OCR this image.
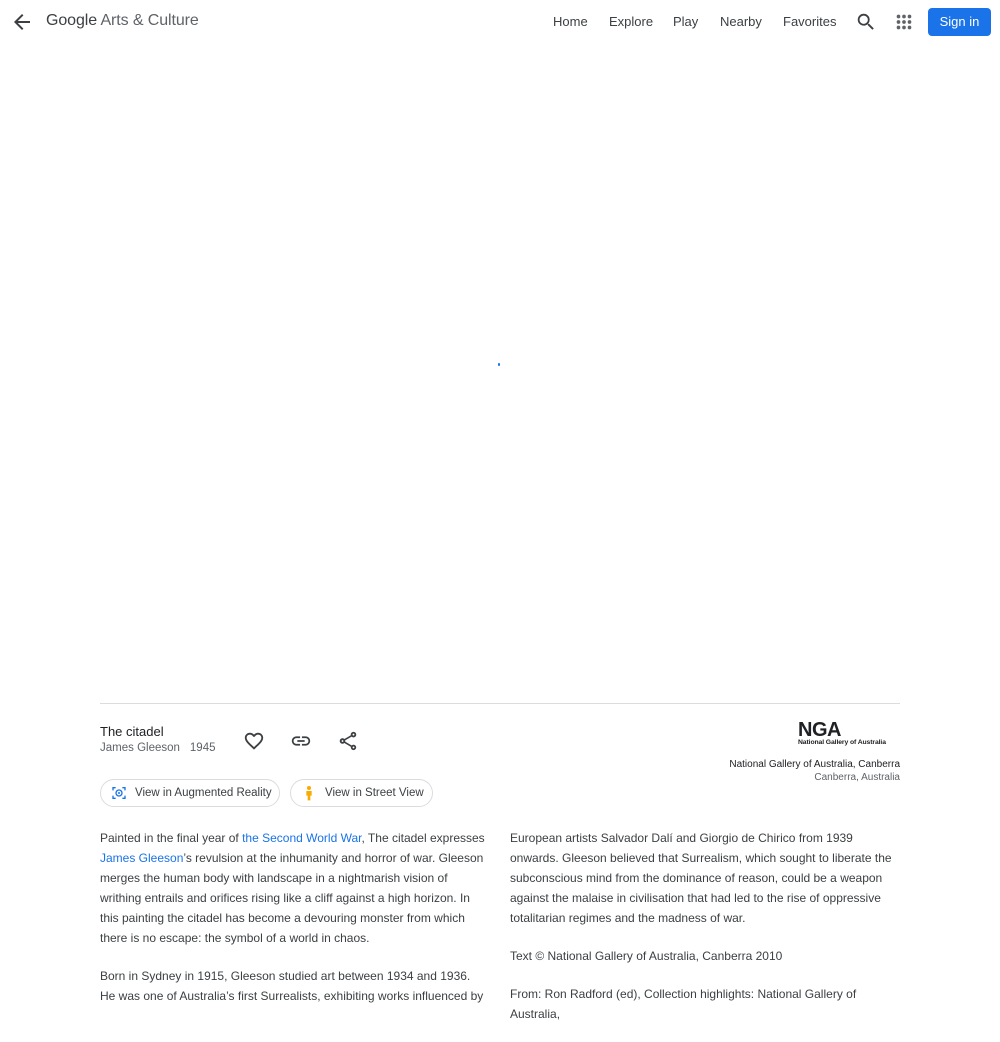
Google Arts & Culture	Home Explore Play Nearby Favorites	Sign in
The citadel
James Gleeson 1945
NGA
National Gallery of Australia
National Gallery of Australia, Canberra
Canberra, Australia
View in Augmented Reality	View in Street View

Painted in the final year of the Second World War, The citadel expresses James Gleeson’s revulsion at the inhumanity and horror of war. Gleeson merges the human body with landscape in a nightmarish vision of writhing entrails and orifices rising like a cliff against a high horizon. In this painting the citadel has become a devouring monster from which there is no escape: the symbol of a world in chaos.

Born in Sydney in 1915, Gleeson studied art between 1934 and 1936. He was one of Australia’s first Surrealists, exhibiting works influenced by

European artists Salvador Dalí and Giorgio de Chirico from 1939 onwards. Gleeson believed that Surrealism, which sought to liberate the subconscious mind from the dominance of reason, could be a weapon against the malaise in civilisation that had led to the rise of oppressive totalitarian regimes and the madness of war.

Text © National Gallery of Australia, Canberra 2010

From: Ron Radford (ed), Collection highlights: National Gallery of Australia,
